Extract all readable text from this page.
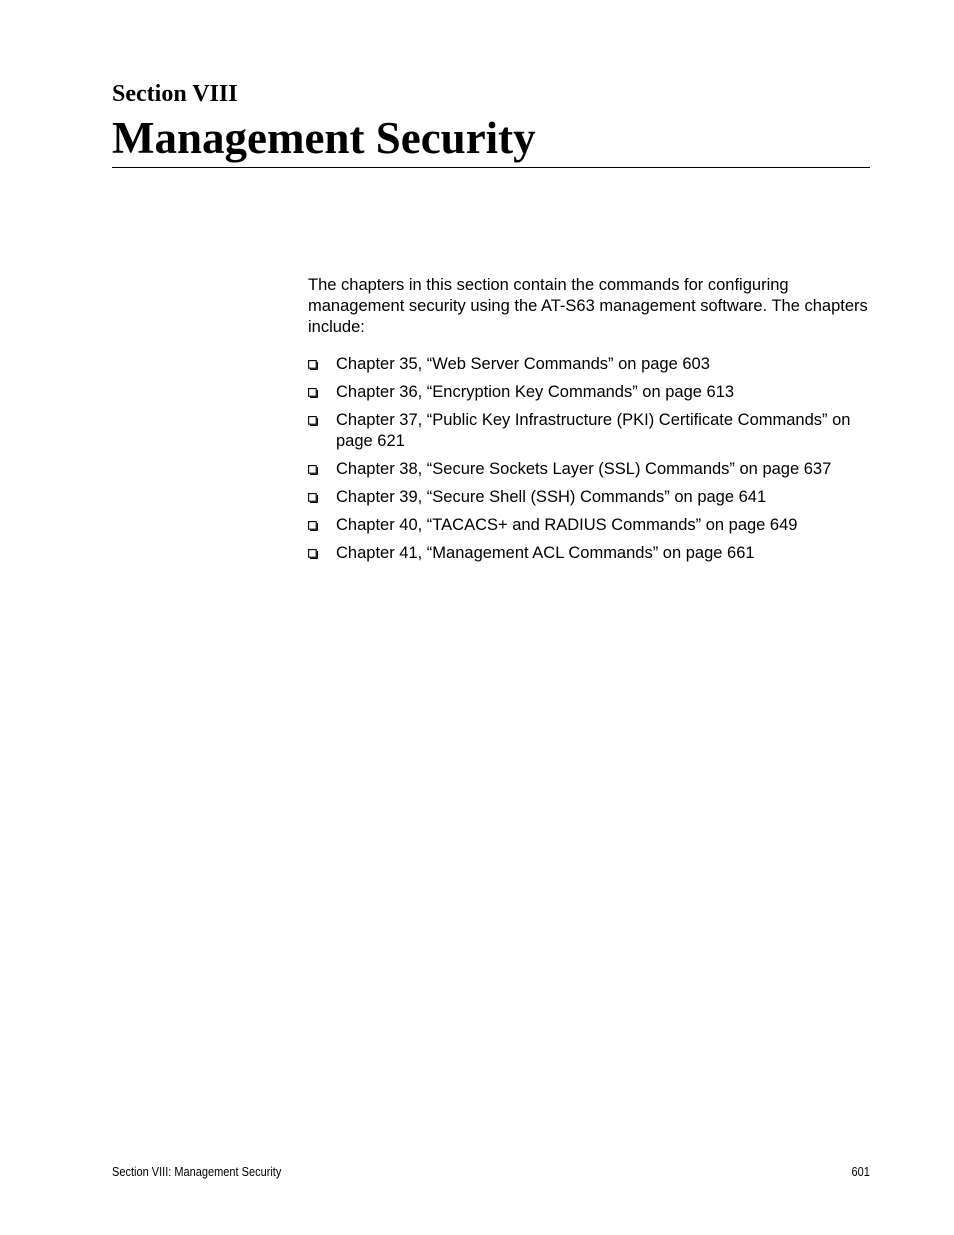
Section VIII
Management Security

The chapters in this section contain the commands for configuring management security using the AT-S63 management software. The chapters include:

Chapter 35, “Web Server Commands” on page 603
Chapter 36, “Encryption Key Commands” on page 613
Chapter 37, “Public Key Infrastructure (PKI) Certificate Commands” on page 621
Chapter 38, “Secure Sockets Layer (SSL) Commands” on page 637
Chapter 39, “Secure Shell (SSH) Commands” on page 641
Chapter 40, “TACACS+ and RADIUS Commands” on page 649
Chapter 41, “Management ACL Commands” on page 661
Section VIII: Management Security	601
